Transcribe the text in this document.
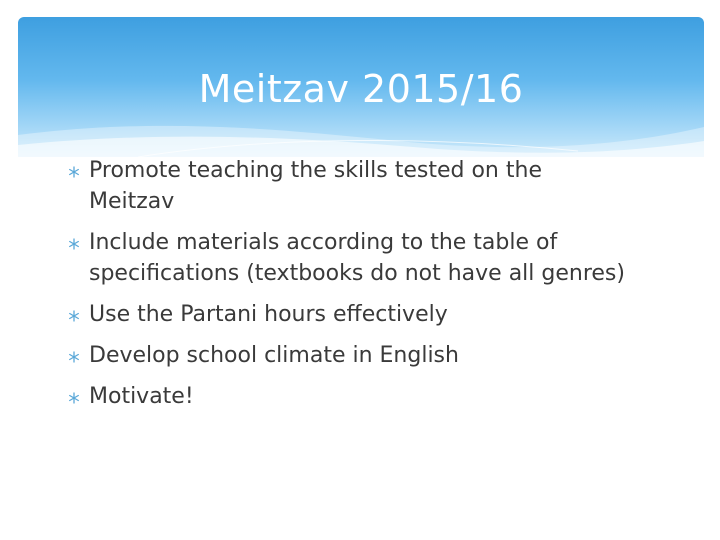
Meitzav 2015/16
Promote teaching the skills tested on the Meitzav
Include materials according to the table of specifications (textbooks do not have all genres)
Use the Partani hours effectively
Develop school climate in English
Motivate!
